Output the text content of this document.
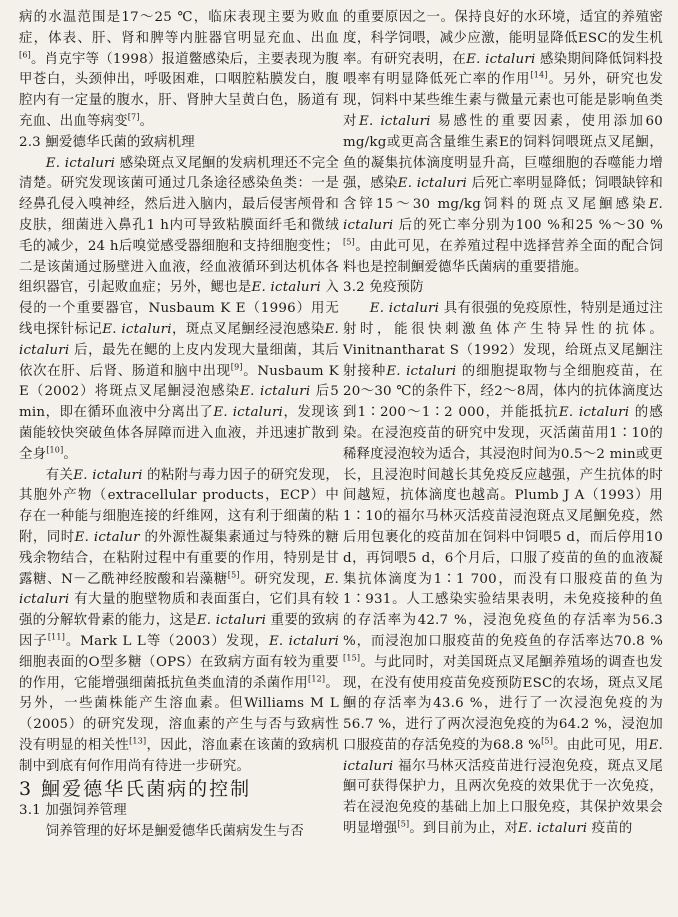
病的水温范围是17～25 ℃，临床表现主要为败血症，体表、肝、肾和脾等内脏器官明显充血、出血[6]。肖克宇等（1998）报道鳖感染后，主要表现为腹甲苍白，头颈伸出，呼吸困难，口咽腔粘膜发白，腹腔内有一定量的腹水，肝、肾肿大呈黄白色，肠道有充血、出血等病变[7]。

2.3 鮰爱德华氏菌的致病机理

E. ictaluri 感染斑点叉尾鮰的发病机理还不完全清楚。研究发现该菌可通过几条途径感染鱼类：一是经鼻孔侵入嗅神经，然后进入脑内，最后侵害颅骨和皮肤，细菌进入鼻孔1 h内可导致粘膜面纤毛和微绒毛的减少，24 h后嗅觉感受器细胞和支持细胞变性；二是该菌通过肠壁进入血液，经血液循环到达机体各组织器官，引起败血症；另外，鳃也是E. ictaluri 入侵的一个重要器官，Nusbaum K E（1996）用无线电探针标记E. ictaluri，斑点叉尾鮰经浸泡感染E. ictaluri 后，最先在鳃的上皮内发现大量细菌，其后依次在肝、后肾、肠道和脑中出现[9]。Nusbaum K E（2002）将斑点叉尾鮰浸泡感染E. ictaluri 后5 min，即在循环血液中分离出了E. ictaluri，发现该菌能较快突破鱼体各屏障而进入血液，并迅速扩散到全身[10]。

有关E. ictaluri 的粘附与毒力因子的研究发现，其胞外产物（extracellular products，ECP）中存在一种能与细胞连接的纤维网，这有利于细菌的粘附，同时E. ictalur 的外源性凝集素通过与特殊的糖残余物结合，在粘附过程中有重要的作用，特别是甘露糖、N－乙酰神经胺酸和岩藻糖[5]。研究发现，E. ictaluri 有大量的胞壁物质和表面蛋白，它们具有较强的分解软骨素的能力，这是E. ictaluri 重要的致病因子[11]。Mark L L等（2003）发现，E. ictaluri 细胞表面的O型多糖（OPS）在致病方面有较为重要的作用，它能增强细菌抵抗鱼类血清的杀菌作用[12]。另外，一些菌株能产生溶血素。但Williams M L（2005）的研究发现，溶血素的产生与否与致病性没有明显的相关性[13]，因此，溶血素在该菌的致病机制中到底有何作用尚有待进一步研究。

3 鮰爱德华氏菌病的控制

3.1 加强饲养管理

饲养管理的好坏是鮰爱德华氏菌病发生与否

的重要原因之一。保持良好的水环境，适宜的养殖密度，科学饲喂，减少应激，能明显降低ESC的发生机率。有研究表明，在E. ictaluri 感染期间降低饲料投喂率有明显降低死亡率的作用[14]。另外，研究也发现，饲料中某些维生素与微量元素也可能是影响鱼类对E. ictaluri 易感性的重要因素，使用添加60 mg/kg或更高含量维生素E的饲料饲喂斑点叉尾鮰，鱼的凝集抗体滴度明显升高，巨噬细胞的吞噬能力增强，感染E. ictaluri 后死亡率明显降低；饲喂缺锌和含锌15～30 mg/kg饲料的斑点叉尾鮰感染E. ictaluri 后的死亡率分别为100 %和25 %～30 %[5]。由此可见，在养殖过程中选择营养全面的配合饲料也是控制鮰爱德华氏菌病的重要措施。

3.2 免疫预防

E. ictaluri 具有很强的免疫原性，特别是通过注射时，能很快刺激鱼体产生特异性的抗体。Vinitnantharat S（1992）发现，给斑点叉尾鮰注射接种E. ictaluri 的细胞提取物与全细胞疫苗，在20～30 ℃的条件下，经2～8周，体内的抗体滴度达到1∶200～1∶2 000，并能抵抗E. ictaluri 的感染。在浸泡疫苗的研究中发现，灭活菌苗用1∶10的稀释度浸泡较为适合，其浸泡时间为0.5～2 min或更长，且浸泡时间越长其免疫反应越强，产生抗体的时间越短，抗体滴度也越高。Plumb J A（1993）用1∶10的福尔马林灭活疫苗浸泡斑点叉尾鮰免疫，然后用包裹化的疫苗加在饲料中饲喂5 d，而后停用10 d，再饲喂5 d，6个月后，口服了疫苗的鱼的血液凝集抗体滴度为1∶1 700，而没有口服疫苗的鱼为1∶931。人工感染实验结果表明，未免疫接种的鱼的存活率为42.7 %，浸泡免疫鱼的存活率为56.3 %，而浸泡加口服疫苗的免疫鱼的存活率达70.8 %[15]。与此同时，对美国斑点叉尾鮰养殖场的调查也发现，在没有使用疫苗免疫预防ESC的农场，斑点叉尾鮰的存活率为43.6 %，进行了一次浸泡免疫的为56.7 %，进行了两次浸泡免疫的为64.2 %，浸泡加口服疫苗的存活免疫的为68.8 %[5]。由此可见，用E. ictaluri 福尔马林灭活疫苗进行浸泡免疫，斑点叉尾鮰可获得保护力，且两次免疫的效果优于一次免疫，若在浸泡免疫的基础上加上口服免疫，其保护效果会明显增强[5]。到目前为止，对E. ictaluri 疫苗的
